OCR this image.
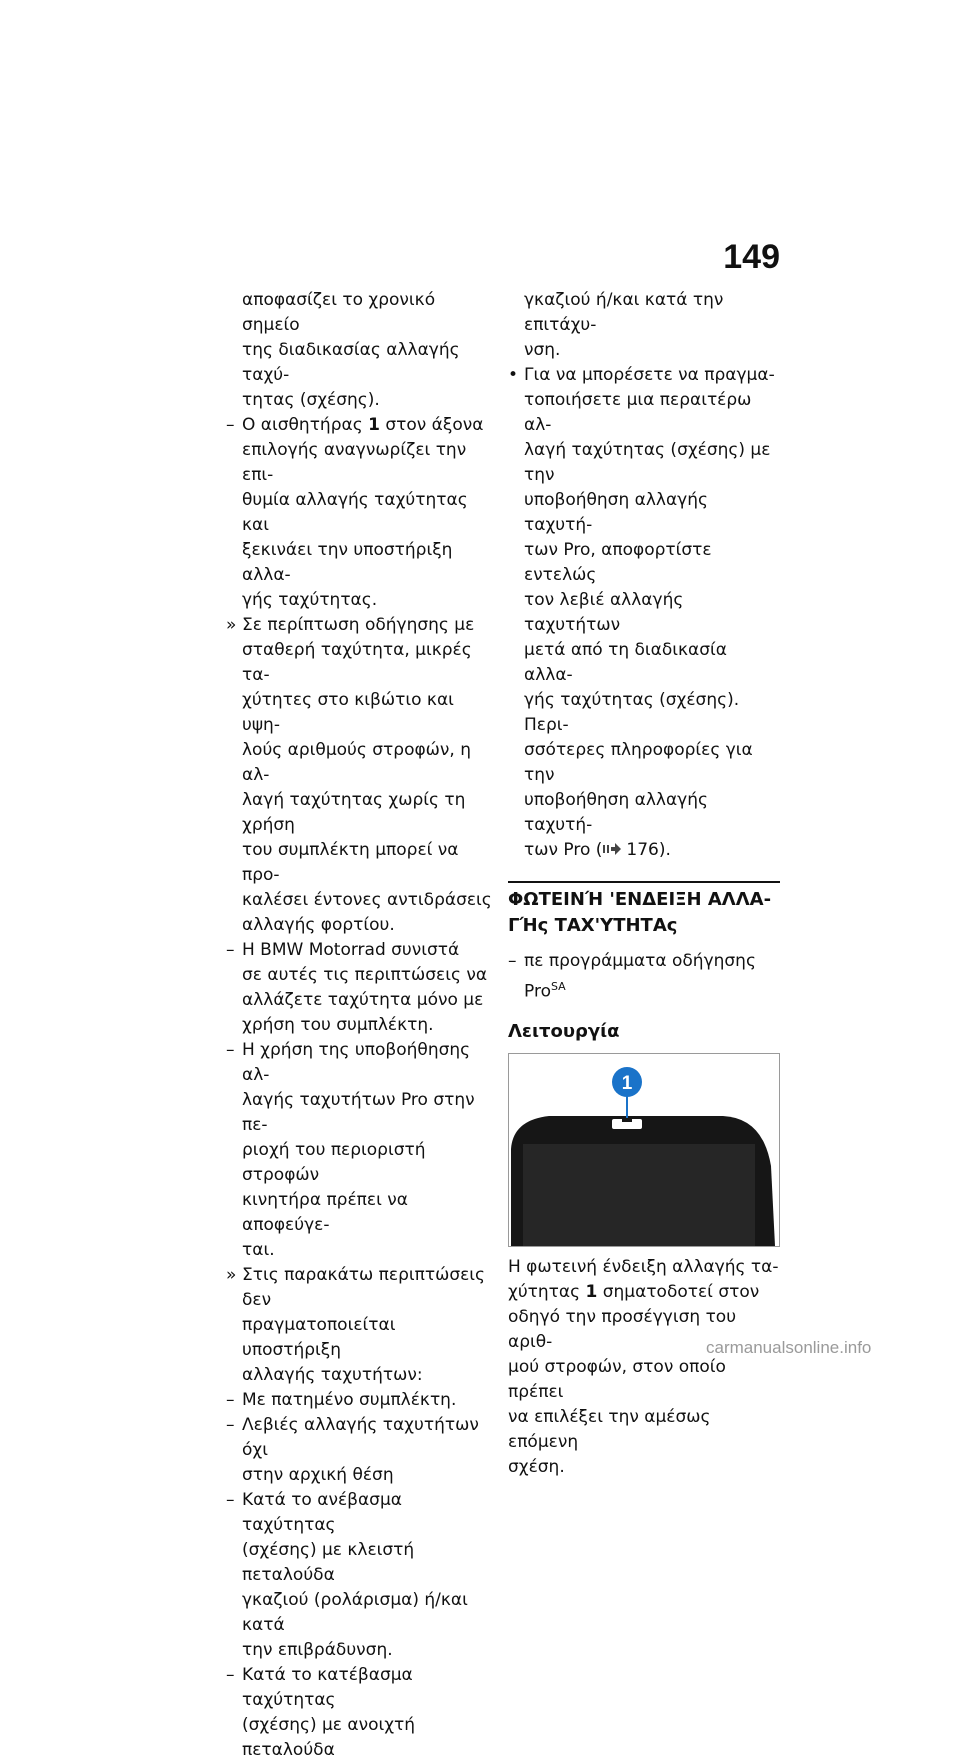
149
αποφασίζει το χρονικό σημείο
της διαδικασίας αλλαγής ταχύ-
τητας (σχέσης).
– Ο αισθητήρας 1 στον άξονα
επιλογής αναγνωρίζει την επι-
θυμία αλλαγής ταχύτητας και
ξεκινάει την υποστήριξη αλλα-
γής ταχύτητας.
» Σε περίπτωση οδήγησης με
σταθερή ταχύτητα, μικρές τα-
χύτητες στο κιβώτιο και υψη-
λούς αριθμούς στροφών, η αλ-
λαγή ταχύτητας χωρίς τη χρήση
του συμπλέκτη μπορεί να προ-
καλέσει έντονες αντιδράσεις
αλλαγής φορτίου.
– Η BMW Motorrad συνιστά
σε αυτές τις περιπτώσεις να
αλλάζετε ταχύτητα μόνο με
χρήση του συμπλέκτη.
– Η χρήση της υποβοήθησης αλ-
λαγής ταχυτήτων Pro στην πε-
ριοχή του περιοριστή στροφών
κινητήρα πρέπει να αποφεύγε-
ται.
» Στις παρακάτω περιπτώσεις δεν
πραγματοποιείται υποστήριξη
αλλαγής ταχυτήτων:
– Με πατημένο συμπλέκτη.
– Λεβιές αλλαγής ταχυτήτων όχι
στην αρχική θέση
– Κατά το ανέβασμα ταχύτητας
(σχέσης) με κλειστή πεταλούδα
γκαζιού (ρολάρισμα) ή/και κατά
την επιβράδυνση.
– Κατά το κατέβασμα ταχύτητας
(σχέσης) με ανοιχτή πεταλούδα
γκαζιού ή/και κατά την επιτάχυ-
νση.
• Για να μπορέσετε να πραγμα-
τοποιήσετε μια περαιτέρω αλ-
λαγή ταχύτητας (σχέσης) με την
υποβοήθηση αλλαγής ταχυτή-
των Pro, αποφορτίστε εντελώς
τον λεβιέ αλλαγής ταχυτήτων
μετά από τη διαδικασία αλλα-
γής ταχύτητας (σχέσης). Περι-
σσότερες πληροφορίες για την
υποβοήθηση αλλαγής ταχυτή-
των Pro ( 176).
ΦΩΤΕΙΝΉ 'ΕΝΔΕΙΞΗ ΑΛΛΑ-
ΓΉς ΤΑΧ'ΥΤΗΤΑς
– πε προγράμματα οδήγησης
Pro$^{SA}$
Λειτουργία
1
Η φωτεινή ένδειξη αλλαγής τα-
χύτητας 1 σηματοδοτεί στον
οδηγό την προσέγγιση του αριθ-
μού στροφών, στον οποίο πρέπει
να επιλέξει την αμέσως επόμενη
σχέση.
carmanualsonline.info
